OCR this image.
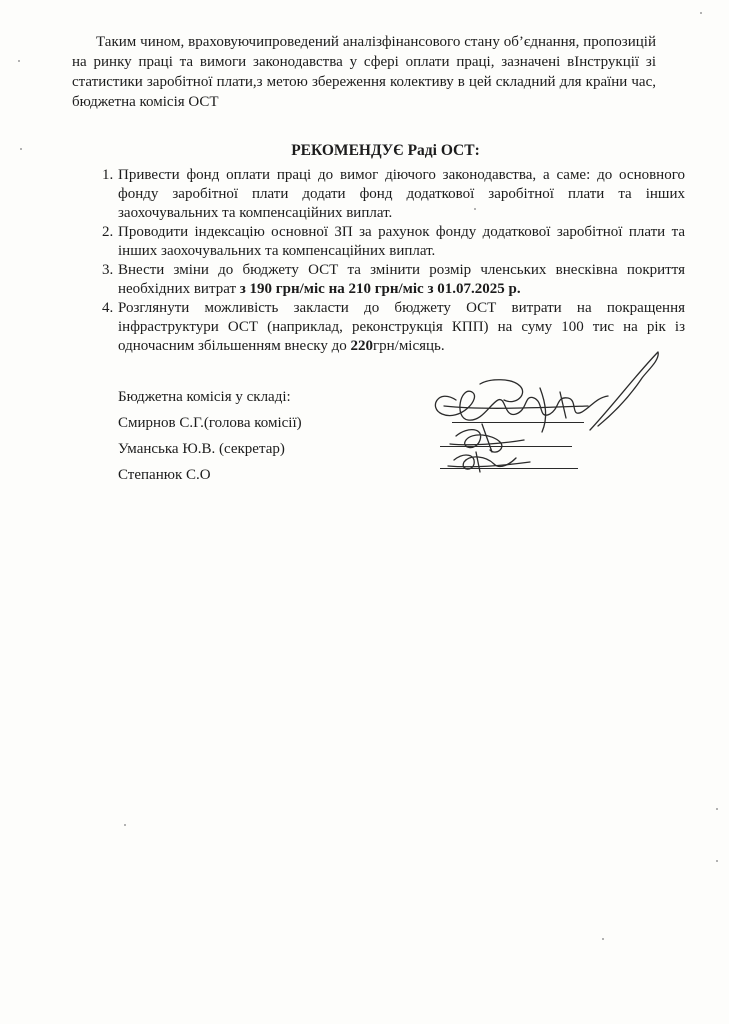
Таким чином, враховуючипроведений аналізфінансового стану об’єднання, пропозицій на ринку праці та вимоги законодавства у сфері оплати праці, зазначені вІнструкції зі статистики заробітної плати,з метою збереження колективу в цей складний для країни час, бюджетна комісія ОСТ

РЕКОМЕНДУЄ Раді ОСТ:

1. Привести фонд оплати праці до вимог діючого законодавства, а саме: до основного фонду заробітної плати додати фонд додаткової заробітної плати та інших заохочувальних та компенсаційних виплат.
2. Проводити індексацію основної ЗП за рахунок фонду додаткової заробітної плати та інших заохочувальних та компенсаційних виплат.
3. Внести зміни до бюджету ОСТ та змінити розмір членських внесківна покриття необхідних витрат з 190 грн/міс на 210 грн/міс з 01.07.2025 р.
4. Розглянути можливість закласти до бюджету ОСТ витрати на покращення інфраструктури ОСТ (наприклад, реконструкція КПП) на суму 100 тис на рік із одночасним збільшенням внеску до 220грн/місяць.
Бюджетна комісія у складі:
Смирнов С.Г.(голова комісії)
Уманська Ю.В. (секретар)
Степанюк С.О
